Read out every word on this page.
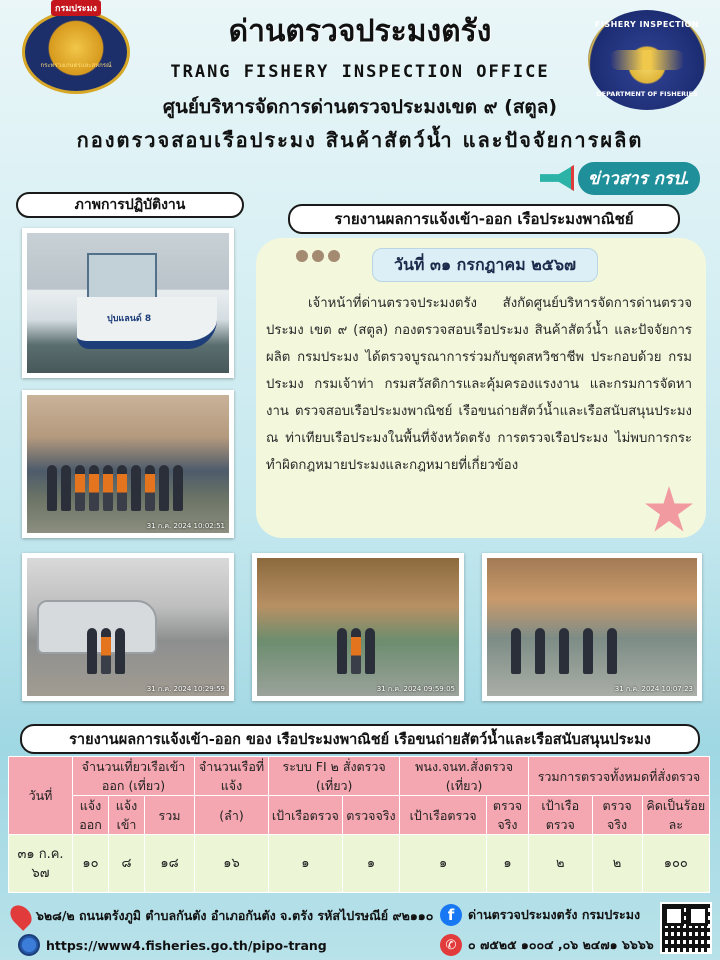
กรมประมง
กระทรวงเกษตรและสหกรณ์
ด่านตรวจประมงตรัง
TRANG FISHERY INSPECTION OFFICE
ศูนย์บริหารจัดการด่านตรวจประมงเขต ๙ (สตูล)
กองตรวจสอบเรือประมง สินค้าสัตว์น้ำ และปัจจัยการผลิต
FISHERY INSPECTION
DEPARTMENT OF FISHERIES
ข่าวสาร กรป.
ภาพการปฏิบัติงาน
รายงานผลการแจ้งเข้า-ออก เรือประมงพาณิชย์
วันที่ ๓๑ กรกฎาคม ๒๕๖๗
เจ้าหน้าที่ด่านตรวจประมงตรัง สังกัดศูนย์บริหารจัดการด่านตรวจประมง เขต ๙ (สตูล) กองตรวจสอบเรือประมง สินค้าสัตว์น้ำ และปัจจัยการผลิต กรมประมง ได้ตรวจบูรณาการร่วมกับชุดสหวิชาชีพ ประกอบด้วย กรมประมง กรมเจ้าท่า กรมสวัสดิการและคุ้มครองแรงงาน และกรมการจัดหางาน ตรวจสอบเรือประมงพาณิชย์ เรือขนถ่ายสัตว์น้ำและเรือสนับสนุนประมง ณ ท่าเทียบเรือประมงในพื้นที่จังหวัดตรัง การตรวจเรือประมง ไม่พบการกระทำผิดกฎหมายประมงและกฎหมายที่เกี่ยวข้อง
ปุบแลนด์ 8
31 ก.ค. 2024 10:02:51
31 ก.ค. 2024 10:29:59	31 ก.ค. 2024 09:59:05	31 ก.ค. 2024 10:07:23
รายงานผลการแจ้งเข้า-ออก ของ เรือประมงพาณิชย์ เรือขนถ่ายสัตว์น้ำและเรือสนับสนุนประมง
วันที่	จำนวนเที่ยวเรือเข้าออก (เที่ยว)			จำนวนเรือที่แจ้ง	ระบบ FI ๒ สั่งตรวจ (เที่ยว)		พนง.จนท.สั่งตรวจ (เที่ยว)		รวมการตรวจทั้งหมดที่สั่งตรวจ		
	แจ้งออก	แจ้งเข้า	รวม	(ลำ)	เป้าเรือตรวจ	ตรวจจริง	เป้าเรือตรวจ	ตรวจจริง	เป้าเรือตรวจ	ตรวจจริง	คิดเป็นร้อยละ
๓๑ ก.ค. ๖๗	๑๐	๘	๑๘	๑๖	๑	๑	๑	๑	๒	๒	๑๐๐
๖๒๘/๒ ถนนตรังภูมิ ตำบลกันตัง อำเภอกันตัง จ.ตรัง รหัสไปรษณีย์ ๙๒๑๑๐
https://www4.fisheries.go.th/pipo-trang
f	ด่านตรวจประมงตรัง กรมประมง
✆ ๐ ๗๕๒๕ ๑๐๐๔ ,๐๖ ๒๔๗๑ ๖๖๖๖
